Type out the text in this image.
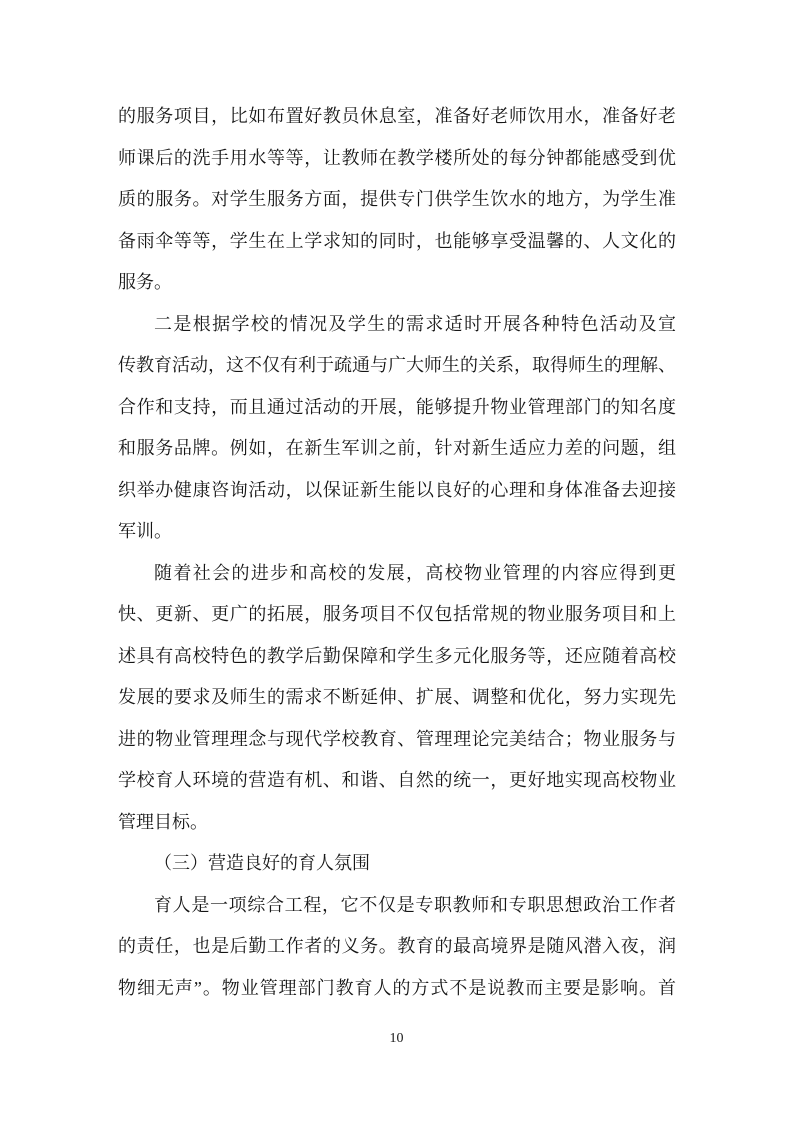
的服务项目，比如布置好教员休息室，准备好老师饮用水，准备好老
师课后的洗手用水等等，让教师在教学楼所处的每分钟都能感受到优
质的服务。对学生服务方面，提供专门供学生饮水的地方，为学生准
备雨伞等等，学生在上学求知的同时，也能够享受温馨的、人文化的
服务。
二是根据学校的情况及学生的需求适时开展各种特色活动及宣
传教育活动，这不仅有利于疏通与广大师生的关系，取得师生的理解、
合作和支持，而且通过活动的开展，能够提升物业管理部门的知名度
和服务品牌。例如，在新生军训之前，针对新生适应力差的问题，组
织举办健康咨询活动，以保证新生能以良好的心理和身体准备去迎接
军训。
随着社会的进步和高校的发展，高校物业管理的内容应得到更
快、更新、更广的拓展，服务项目不仅包括常规的物业服务项目和上
述具有高校特色的教学后勤保障和学生多元化服务等，还应随着高校
发展的要求及师生的需求不断延伸、扩展、调整和优化，努力实现先
进的物业管理理念与现代学校教育、管理理论完美结合；物业服务与
学校育人环境的营造有机、和谐、自然的统一，更好地实现高校物业
管理目标。
（三）营造良好的育人氛围
育人是一项综合工程，它不仅是专职教师和专职思想政治工作者
的责任，也是后勤工作者的义务。教育的最高境界是随风潜入夜，润
物细无声”。物业管理部门教育人的方式不是说教而主要是影响。首
10
